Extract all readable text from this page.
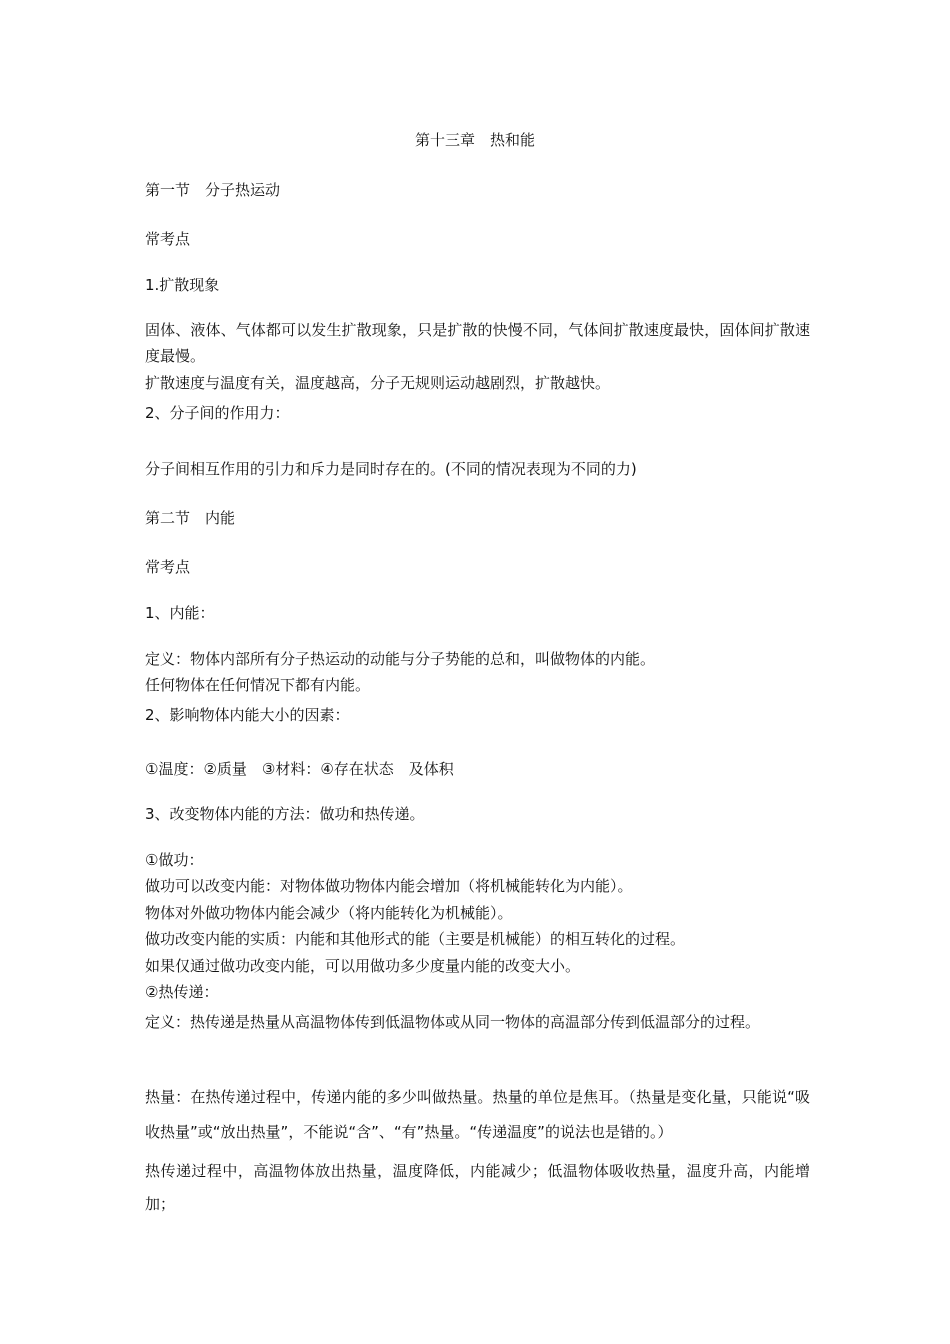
第十三章　热和能

第一节　分子热运动

常考点

1.扩散现象

固体、液体、气体都可以发生扩散现象，只是扩散的快慢不同，气体间扩散速度最快，固体间扩散速度最慢。

扩散速度与温度有关，温度越高，分子无规则运动越剧烈，扩散越快。

2、分子间的作用力：

分子间相互作用的引力和斥力是同时存在的。(不同的情况表现为不同的力)

第二节　内能

常考点

1、内能：

定义：物体内部所有分子热运动的动能与分子势能的总和，叫做物体的内能。

任何物体在任何情况下都有内能。

2、影响物体内能大小的因素：

①温度：②质量　③材料：④存在状态　及体积

3、改变物体内能的方法：做功和热传递。

①做功：

做功可以改变内能：对物体做功物体内能会增加（将机械能转化为内能）。

物体对外做功物体内能会减少（将内能转化为机械能）。

做功改变内能的实质：内能和其他形式的能（主要是机械能）的相互转化的过程。

如果仅通过做功改变内能，可以用做功多少度量内能的改变大小。

②热传递：

定义：热传递是热量从高温物体传到低温物体或从同一物体的高温部分传到低温部分的过程。

热量：在热传递过程中，传递内能的多少叫做热量。热量的单位是焦耳。（热量是变化量，只能说“吸收热量”或“放出热量”，不能说“含”、“有”热量。“传递温度”的说法也是错的。）

热传递过程中，高温物体放出热量，温度降低，内能减少；低温物体吸收热量，温度升高，内能增加；
